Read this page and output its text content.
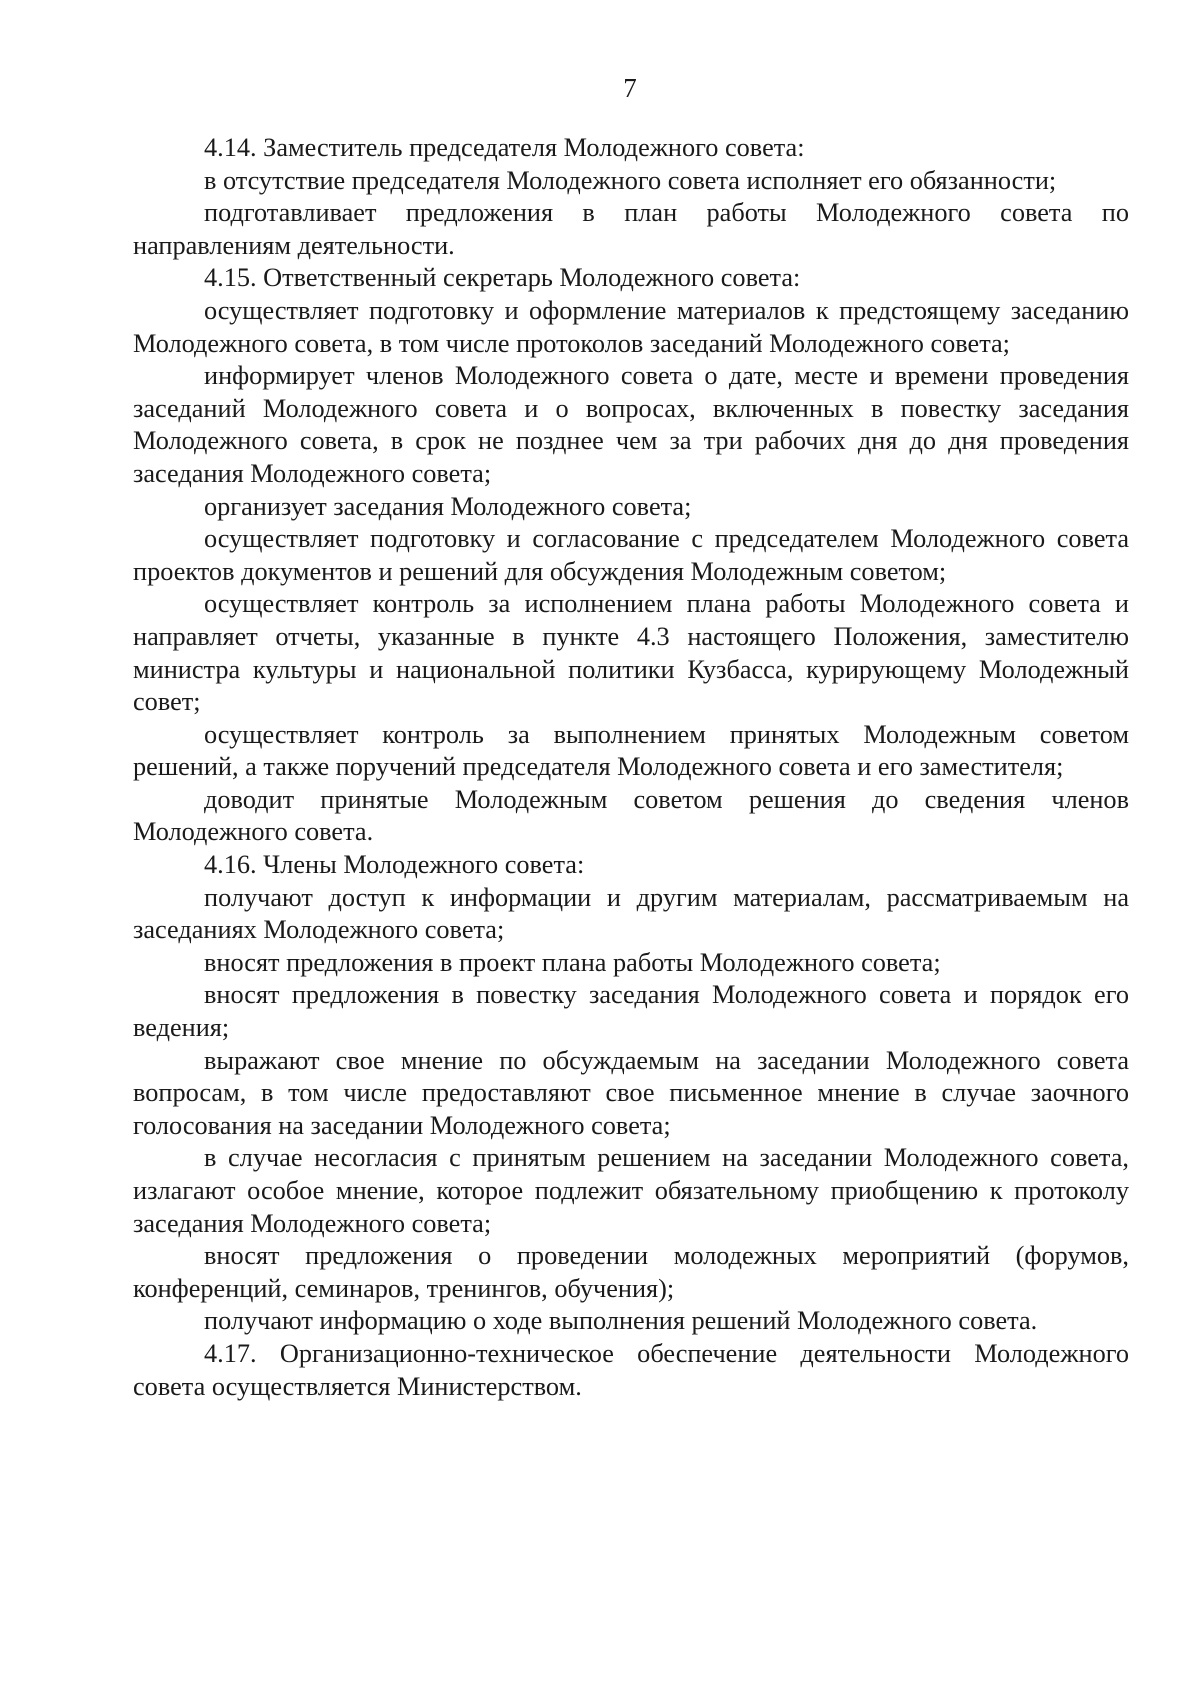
7

4.14. Заместитель председателя Молодежного совета:

в отсутствие председателя Молодежного совета исполняет его обязанности;

подготавливает предложения в план работы Молодежного совета по направлениям деятельности.

4.15. Ответственный секретарь Молодежного совета:

осуществляет подготовку и оформление материалов к предстоящему заседанию Молодежного совета, в том числе протоколов заседаний Молодежного совета;

информирует членов Молодежного совета о дате, месте и времени проведения заседаний Молодежного совета и о вопросах, включенных в повестку заседания Молодежного совета, в срок не позднее чем за три рабочих дня до дня проведения заседания Молодежного совета;

организует заседания Молодежного совета;

осуществляет подготовку и согласование с председателем Молодежного совета проектов документов и решений для обсуждения Молодежным советом;

осуществляет контроль за исполнением плана работы Молодежного совета и направляет отчеты, указанные в пункте 4.3 настоящего Положения, заместителю министра культуры и национальной политики Кузбасса, курирующему Молодежный совет;

осуществляет контроль за выполнением принятых Молодежным советом решений, а также поручений председателя Молодежного совета и его заместителя;

доводит принятые Молодежным советом решения до сведения членов Молодежного совета.

4.16. Члены Молодежного совета:

получают доступ к информации и другим материалам, рассматриваемым на заседаниях Молодежного совета;

вносят предложения в проект плана работы Молодежного совета;

вносят предложения в повестку заседания Молодежного совета и порядок его ведения;

выражают свое мнение по обсуждаемым на заседании Молодежного совета вопросам, в том числе предоставляют свое письменное мнение в случае заочного голосования на заседании Молодежного совета;

в случае несогласия с принятым решением на заседании Молодежного совета, излагают особое мнение, которое подлежит обязательному приобщению к протоколу заседания Молодежного совета;

вносят предложения о проведении молодежных мероприятий (форумов, конференций, семинаров, тренингов, обучения);

получают информацию о ходе выполнения решений Молодежного совета.

4.17. Организационно-техническое обеспечение деятельности Молодежного совета осуществляется Министерством.
